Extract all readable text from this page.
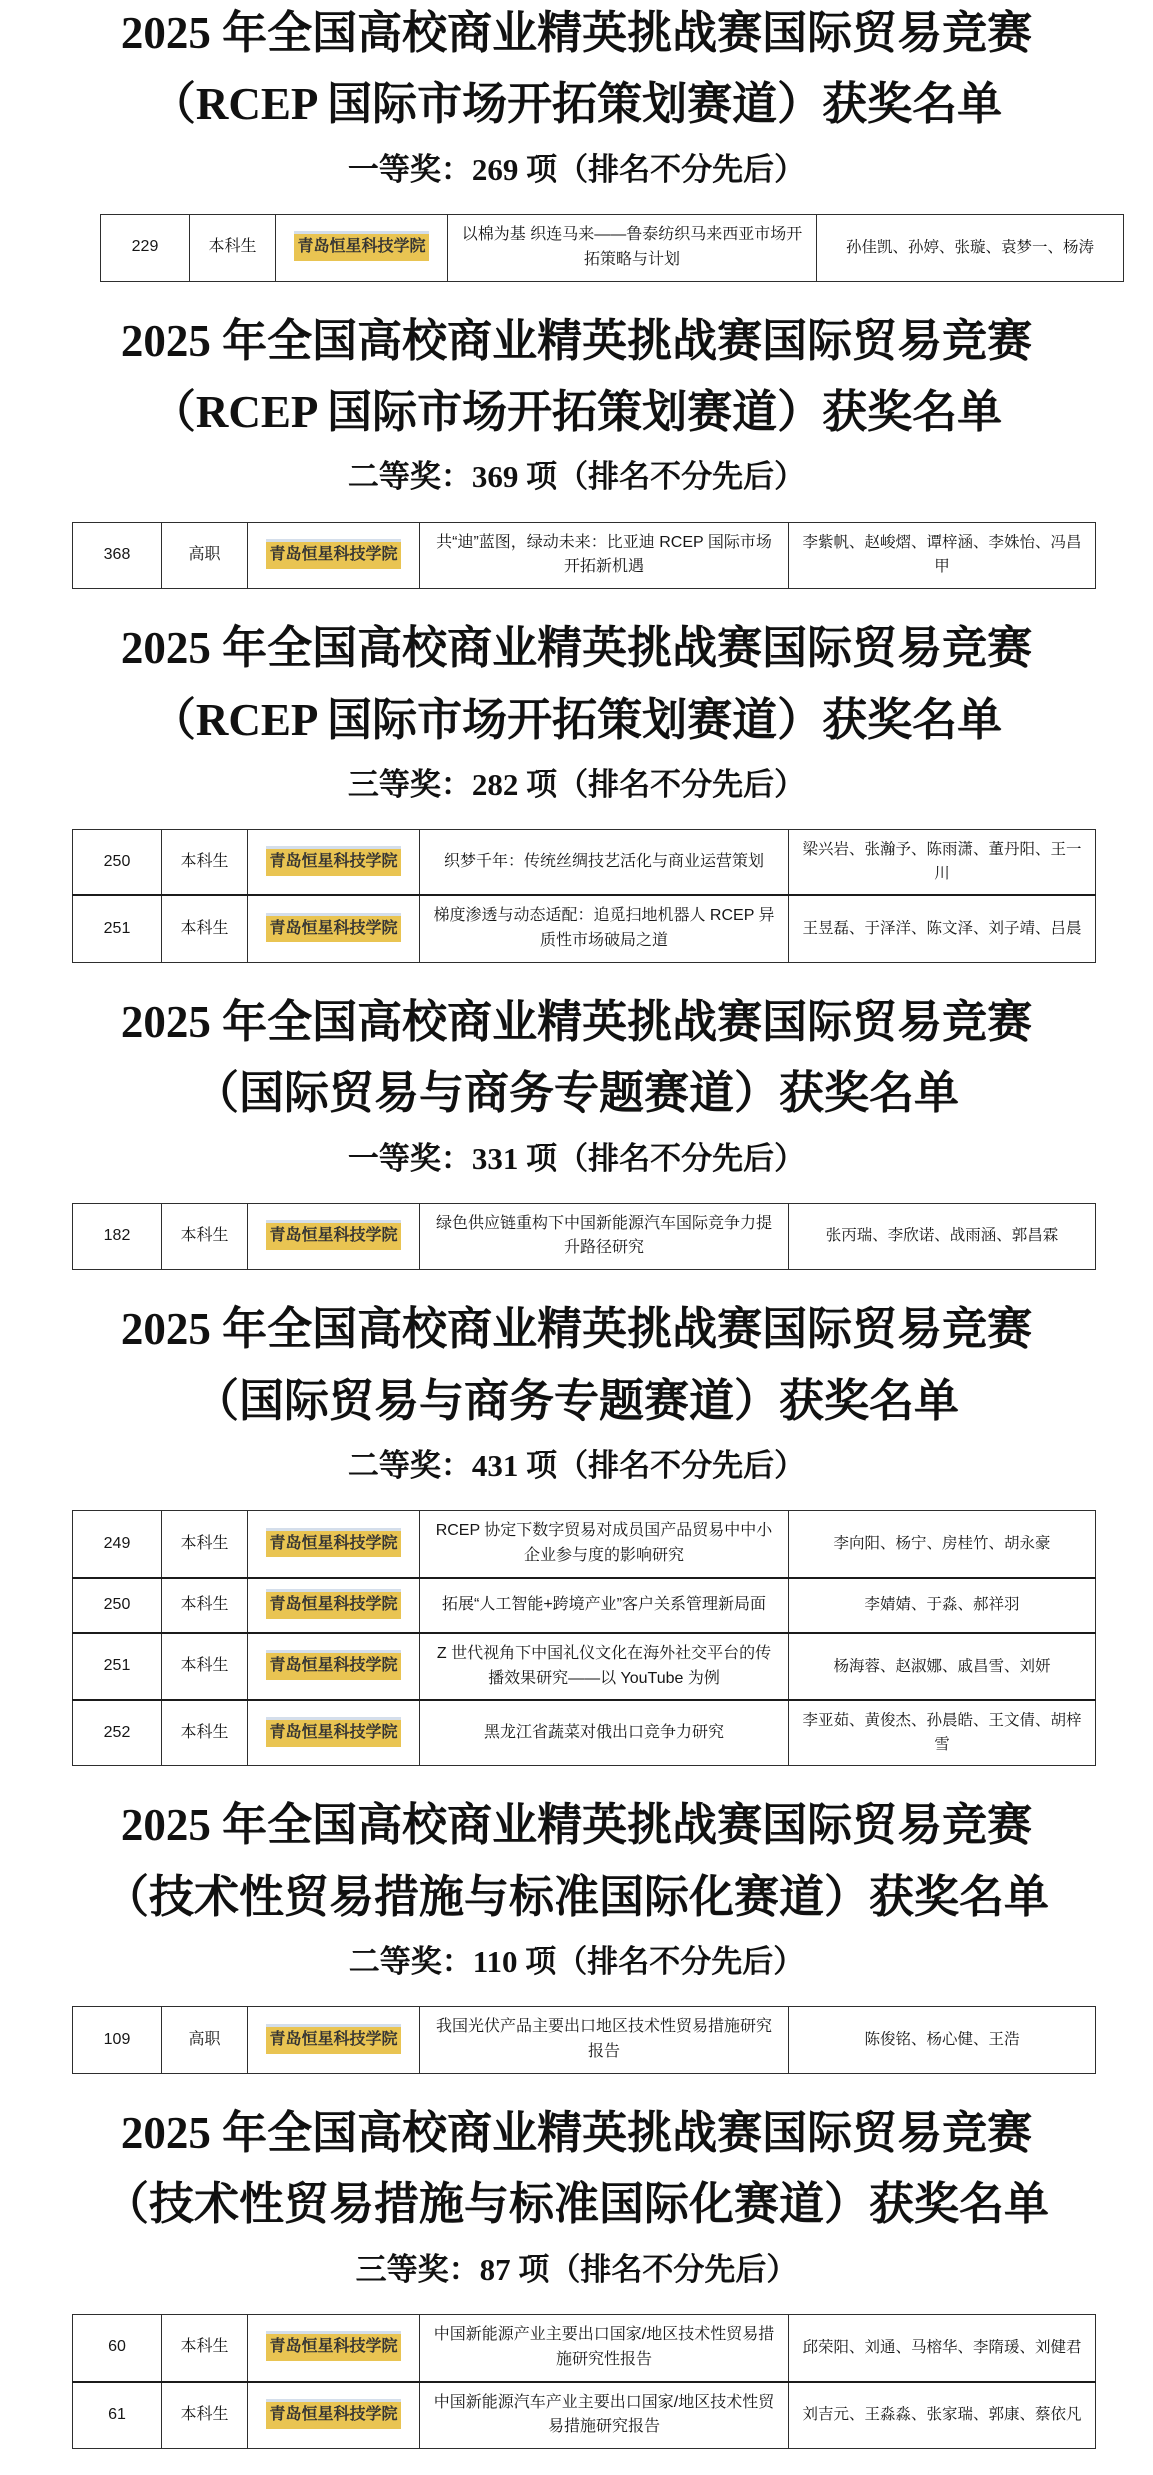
2025 年全国高校商业精英挑战赛国际贸易竞赛
（RCEP 国际市场开拓策划赛道）获奖名单
一等奖：269 项（排名不分先后）
229	本科生	青岛恒星科技学院	以棉为基 织连马来——鲁泰纺织马来西亚市场开拓策略与计划	孙佳凯、孙婷、张璇、袁梦一、杨涛
2025 年全国高校商业精英挑战赛国际贸易竞赛
（RCEP 国际市场开拓策划赛道）获奖名单
二等奖：369 项（排名不分先后）
368	高职	青岛恒星科技学院	共“迪”蓝图，绿动未来：比亚迪 RCEP 国际市场开拓新机遇	李紫帆、赵峻熠、谭梓涵、李姝怡、冯昌甲
2025 年全国高校商业精英挑战赛国际贸易竞赛
（RCEP 国际市场开拓策划赛道）获奖名单
三等奖：282 项（排名不分先后）
250	本科生	青岛恒星科技学院	织梦千年：传统丝绸技艺活化与商业运营策划	梁兴岩、张瀚予、陈雨潇、董丹阳、王一川
251	本科生	青岛恒星科技学院	梯度渗透与动态适配：追觅扫地机器人 RCEP 异质性市场破局之道	王昱磊、于泽洋、陈文泽、刘子靖、吕晨
2025 年全国高校商业精英挑战赛国际贸易竞赛
（国际贸易与商务专题赛道）获奖名单
一等奖：331 项（排名不分先后）
182	本科生	青岛恒星科技学院	绿色供应链重构下中国新能源汽车国际竞争力提升路径研究	张丙瑞、李欣诺、战雨涵、郭昌霖
2025 年全国高校商业精英挑战赛国际贸易竞赛
（国际贸易与商务专题赛道）获奖名单
二等奖：431 项（排名不分先后）
249	本科生	青岛恒星科技学院	RCEP 协定下数字贸易对成员国产品贸易中中小企业参与度的影响研究	李向阳、杨宁、房桂竹、胡永豪
250	本科生	青岛恒星科技学院	拓展“人工智能+跨境产业”客户关系管理新局面	李婧婧、于淼、郝祥羽
251	本科生	青岛恒星科技学院	Z 世代视角下中国礼仪文化在海外社交平台的传播效果研究——以 YouTube 为例	杨海蓉、赵淑娜、戚昌雪、刘妍
252	本科生	青岛恒星科技学院	黑龙江省蔬菜对俄出口竞争力研究	李亚茹、黄俊杰、孙晨皓、王文倩、胡梓雪
2025 年全国高校商业精英挑战赛国际贸易竞赛
（技术性贸易措施与标准国际化赛道）获奖名单
二等奖：110 项（排名不分先后）
109	高职	青岛恒星科技学院	我国光伏产品主要出口地区技术性贸易措施研究报告	陈俊铭、杨心健、王浩
2025 年全国高校商业精英挑战赛国际贸易竞赛
（技术性贸易措施与标准国际化赛道）获奖名单
三等奖：87 项（排名不分先后）
60	本科生	青岛恒星科技学院	中国新能源产业主要出口国家/地区技术性贸易措施研究性报告	邱荣阳、刘通、马榕华、李隋瑗、刘健君
61	本科生	青岛恒星科技学院	中国新能源汽车产业主要出口国家/地区技术性贸易措施研究报告	刘吉元、王淼淼、张家瑞、郭康、蔡依凡
